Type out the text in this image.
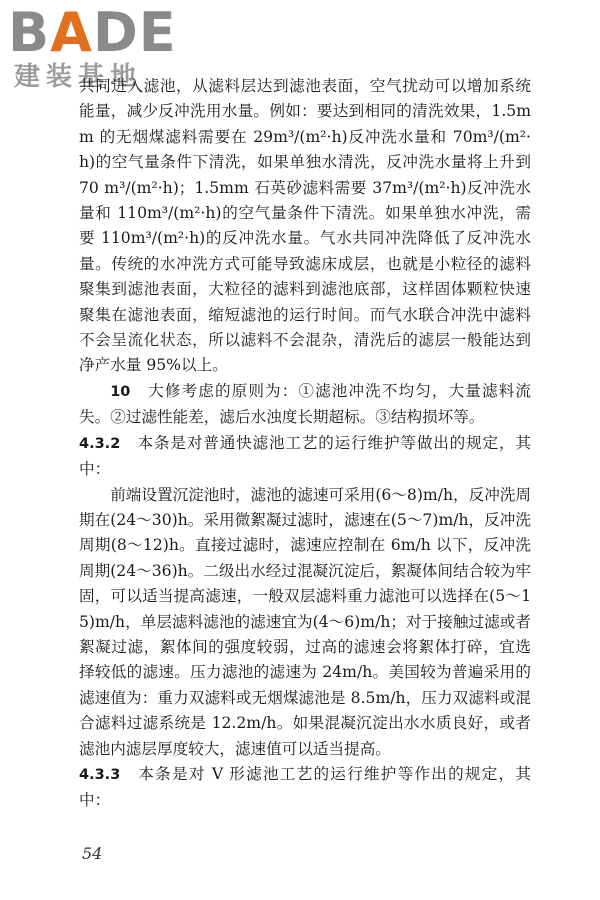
BADE
建装基地

共同进入滤池，从滤料层达到滤池表面，空气扰动可以增加系统能量，减少反冲洗用水量。例如：要达到相同的清洗效果，1.5mm 的无烟煤滤料需要在 29m³/(m²·h)反冲洗水量和 70m³/(m²·h)的空气量条件下清洗，如果单独水清洗，反冲洗水量将上升到 70 m³/(m²·h)；1.5mm 石英砂滤料需要 37m³/(m²·h)反冲洗水量和 110m³/(m²·h)的空气量条件下清洗。如果单独水冲洗，需要 110m³/(m²·h)的反冲洗水量。气水共同冲洗降低了反冲洗水量。传统的水冲洗方式可能导致滤床成层，也就是小粒径的滤料聚集到滤池表面，大粒径的滤料到滤池底部，这样固体颗粒快速聚集在滤池表面，缩短滤池的运行时间。而气水联合冲洗中滤料不会呈流化状态，所以滤料不会混杂，清洗后的滤层一般能达到净产水量 95%以上。

10　 大修考虑的原则为：①滤池冲洗不均匀，大量滤料流失。②过滤性能差，滤后水浊度长期超标。③结构损坏等。

4.3.2　 本条是对普通快滤池工艺的运行维护等做出的规定，其中：

前端设置沉淀池时，滤池的滤速可采用(6～8)m/h，反冲洗周期在(24～30)h。采用微絮凝过滤时，滤速在(5～7)m/h，反冲洗周期(8～12)h。直接过滤时，滤速应控制在 6m/h 以下，反冲洗周期(24～36)h。二级出水经过混凝沉淀后，絮凝体间结合较为牢固，可以适当提高滤速，一般双层滤料重力滤池可以选择在(5～15)m/h，单层滤料滤池的滤速宜为(4～6)m/h；对于接触过滤或者絮凝过滤，絮体间的强度较弱，过高的滤速会将絮体打碎，宜选择较低的滤速。压力滤池的滤速为 24m/h。美国较为普遍采用的滤速值为：重力双滤料或无烟煤滤池是 8.5m/h，压力双滤料或混合滤料过滤系统是 12.2m/h。如果混凝沉淀出水水质良好，或者滤池内滤层厚度较大，滤速值可以适当提高。

4.3.3　 本条是对 V 形滤池工艺的运行维护等作出的规定，其中：

54
